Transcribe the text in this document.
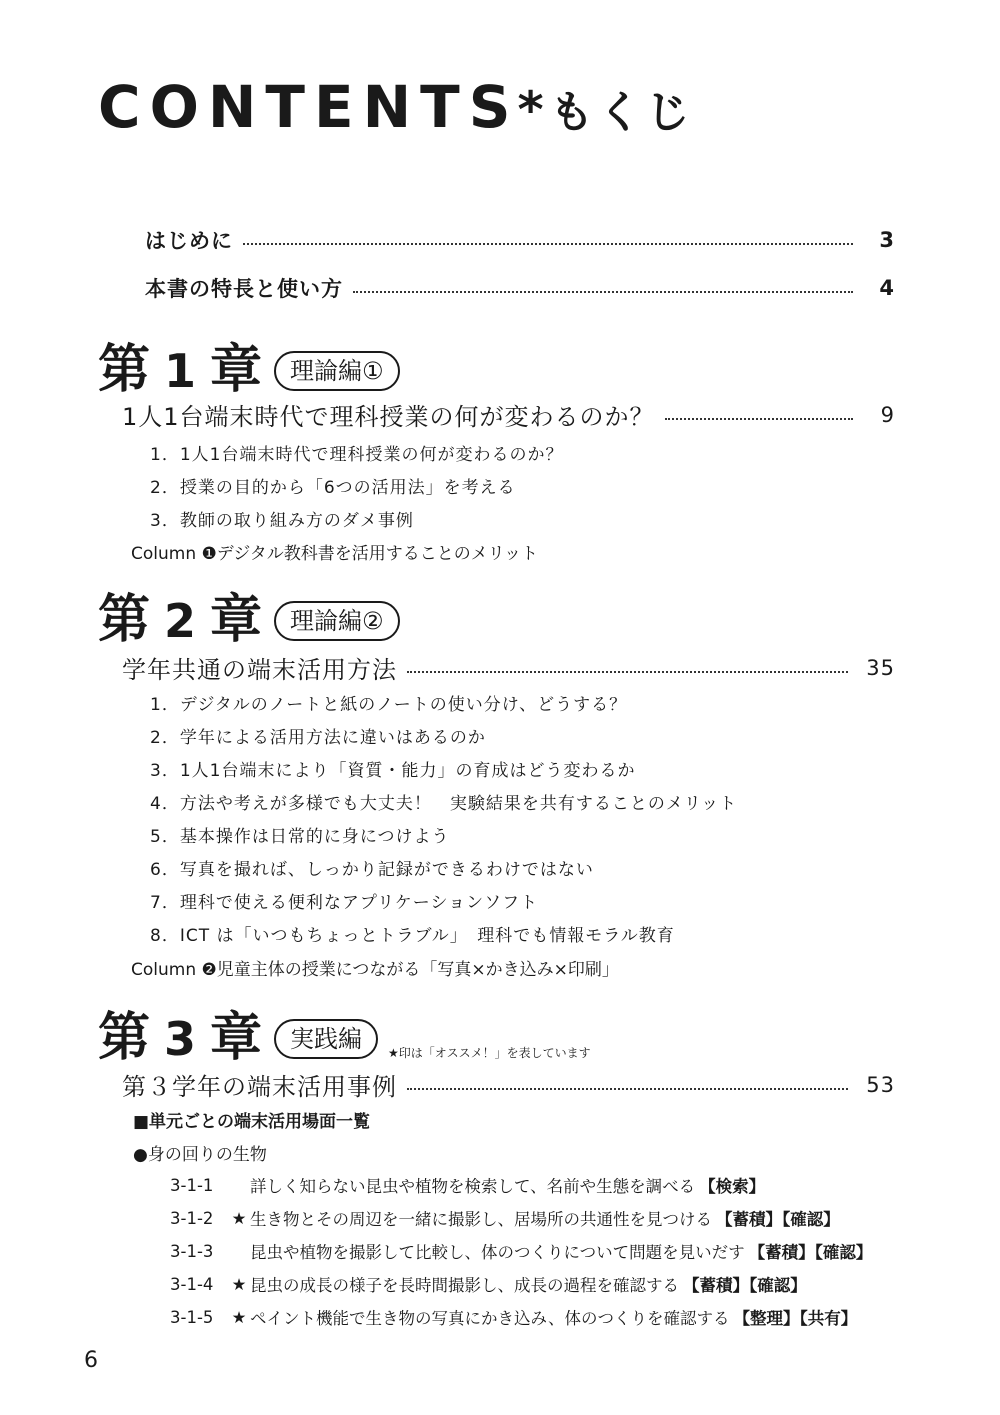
CONTENTS* もくじ
はじめに	3
本書の特長と使い方	4
第 1 章	理論編①
1人1台端末時代で理科授業の何が変わるのか？	9
1．1人1台端末時代で理科授業の何が変わるのか？
2．授業の目的から「6つの活用法」を考える
3．教師の取り組み方のダメ事例
Column ❶デジタル教科書を活用することのメリット
第 2 章	理論編②
学年共通の端末活用方法	35
1．デジタルのノートと紙のノートの使い分け、どうする？
2．学年による活用方法に違いはあるのか
3．1人1台端末により「資質・能力」の育成はどう変わるか
4．方法や考えが多様でも大丈夫！　実験結果を共有することのメリット
5．基本操作は日常的に身につけよう
6．写真を撮れば、しっかり記録ができるわけではない
7．理科で使える便利なアプリケーションソフト
8．ICT は「いつもちょっとトラブル」　理科でも情報モラル教育
Column ❷児童主体の授業につながる「写真×かき込み×印刷」
第 3 章	実践編
★印は「オススメ！」を表しています
第３学年の端末活用事例	53
■単元ごとの端末活用場面一覧
●身の回りの生物
3-1-1	詳しく知らない昆虫や植物を検索して、名前や生態を調べる 【検索】
3-1-2	★ 生き物とその周辺を一緒に撮影し、居場所の共通性を見つける 【蓄積】【確認】
3-1-3	昆虫や植物を撮影して比較し、体のつくりについて問題を見いだす 【蓄積】【確認】
3-1-4	★ 昆虫の成長の様子を長時間撮影し、成長の過程を確認する 【蓄積】【確認】
3-1-5	★ ペイント機能で生き物の写真にかき込み、体のつくりを確認する 【整理】【共有】
6
